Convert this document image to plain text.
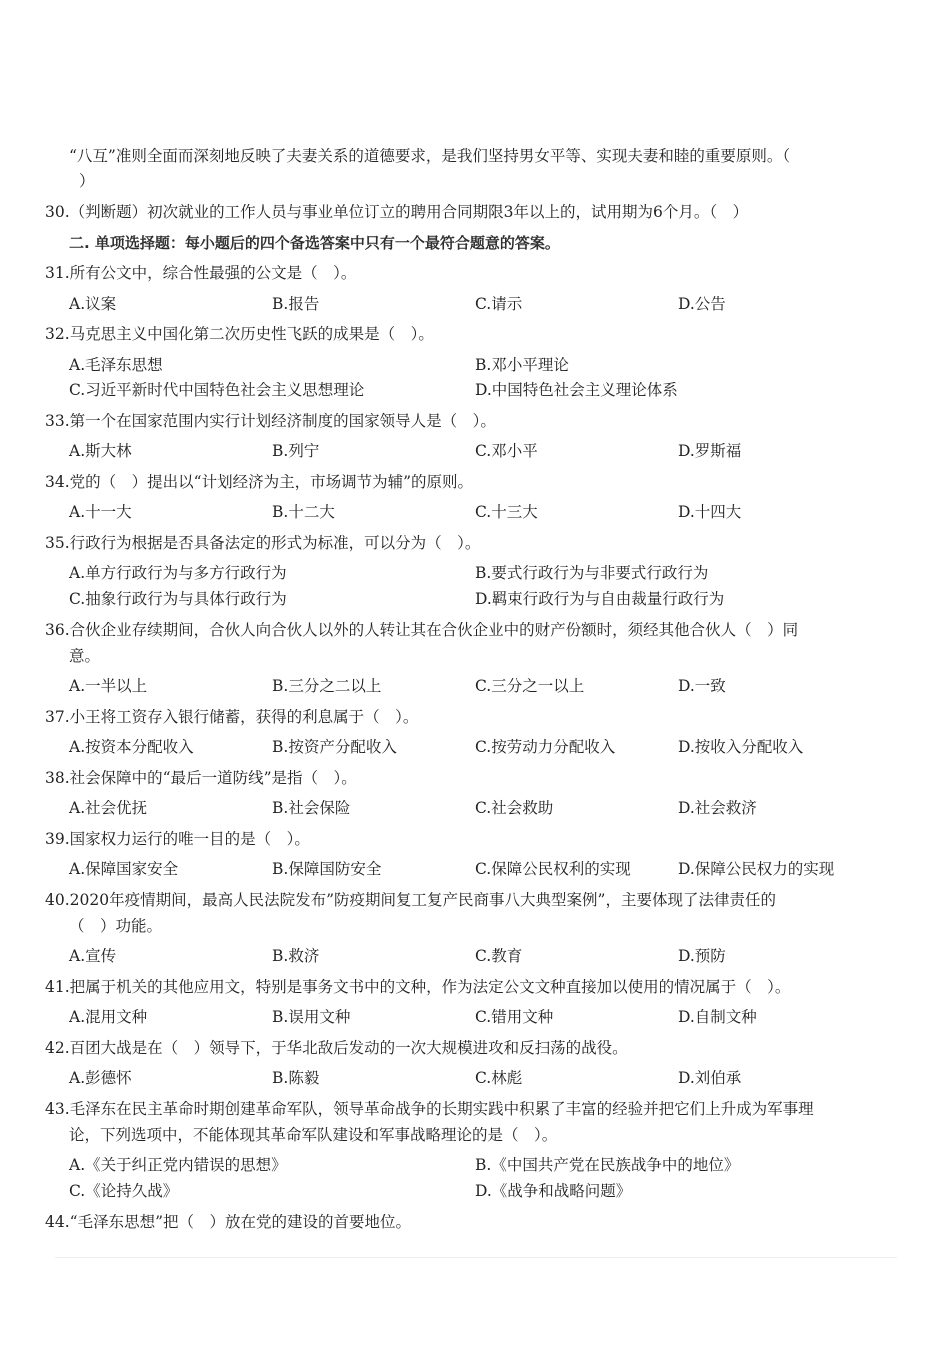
“八互”准则全面而深刻地反映了夫妻关系的道德要求，是我们坚持男女平等、实现夫妻和睦的重要原则。（
）
30.（判断题）初次就业的工作人员与事业单位订立的聘用合同期限3年以上的，试用期为6个月。（　）
二. 单项选择题：每小题后的四个备选答案中只有一个最符合题意的答案。
31.所有公文中，综合性最强的公文是（　）。
A.议案	B.报告	C.请示	D.公告
32.马克思主义中国化第二次历史性飞跃的成果是（　）。
A.毛泽东思想	B.邓小平理论
C.习近平新时代中国特色社会主义思想理论	D.中国特色社会主义理论体系
33.第一个在国家范围内实行计划经济制度的国家领导人是（　）。
A.斯大林	B.列宁	C.邓小平	D.罗斯福
34.党的（　）提出以“计划经济为主，市场调节为辅”的原则。
A.十一大	B.十二大	C.十三大	D.十四大
35.行政行为根据是否具备法定的形式为标准，可以分为（　）。
A.单方行政行为与多方行政行为	B.要式行政行为与非要式行政行为
C.抽象行政行为与具体行政行为	D.羁束行政行为与自由裁量行政行为
36.合伙企业存续期间，合伙人向合伙人以外的人转让其在合伙企业中的财产份额时，须经其他合伙人（　）同
意。
A.一半以上	B.三分之二以上	C.三分之一以上	D.一致
37.小王将工资存入银行储蓄，获得的利息属于（　）。
A.按资本分配收入	B.按资产分配收入	C.按劳动力分配收入	D.按收入分配收入
38.社会保障中的“最后一道防线”是指（　）。
A.社会优抚	B.社会保险	C.社会救助	D.社会救济
39.国家权力运行的唯一目的是（　）。
A.保障国家安全	B.保障国防安全	C.保障公民权利的实现	D.保障公民权力的实现
40.2020年疫情期间，最高人民法院发布”防疫期间复工复产民商事八大典型案例”，主要体现了法律责任的
（　）功能。
A.宣传	B.救济	C.教育	D.预防
41.把属于机关的其他应用文，特别是事务文书中的文种，作为法定公文文种直接加以使用的情况属于（　）。
A.混用文种	B.误用文种	C.错用文种	D.自制文种
42.百团大战是在（　）领导下，于华北敌后发动的一次大规模进攻和反扫荡的战役。
A.彭德怀	B.陈毅	C.林彪	D.刘伯承
43.毛泽东在民主革命时期创建革命军队，领导革命战争的长期实践中积累了丰富的经验并把它们上升成为军事理
论，下列选项中，不能体现其革命军队建设和军事战略理论的是（　）。
A.《关于纠正党内错误的思想》	B.《中国共产党在民族战争中的地位》
C.《论持久战》	D.《战争和战略问题》
44.“毛泽东思想”把（　）放在党的建设的首要地位。
